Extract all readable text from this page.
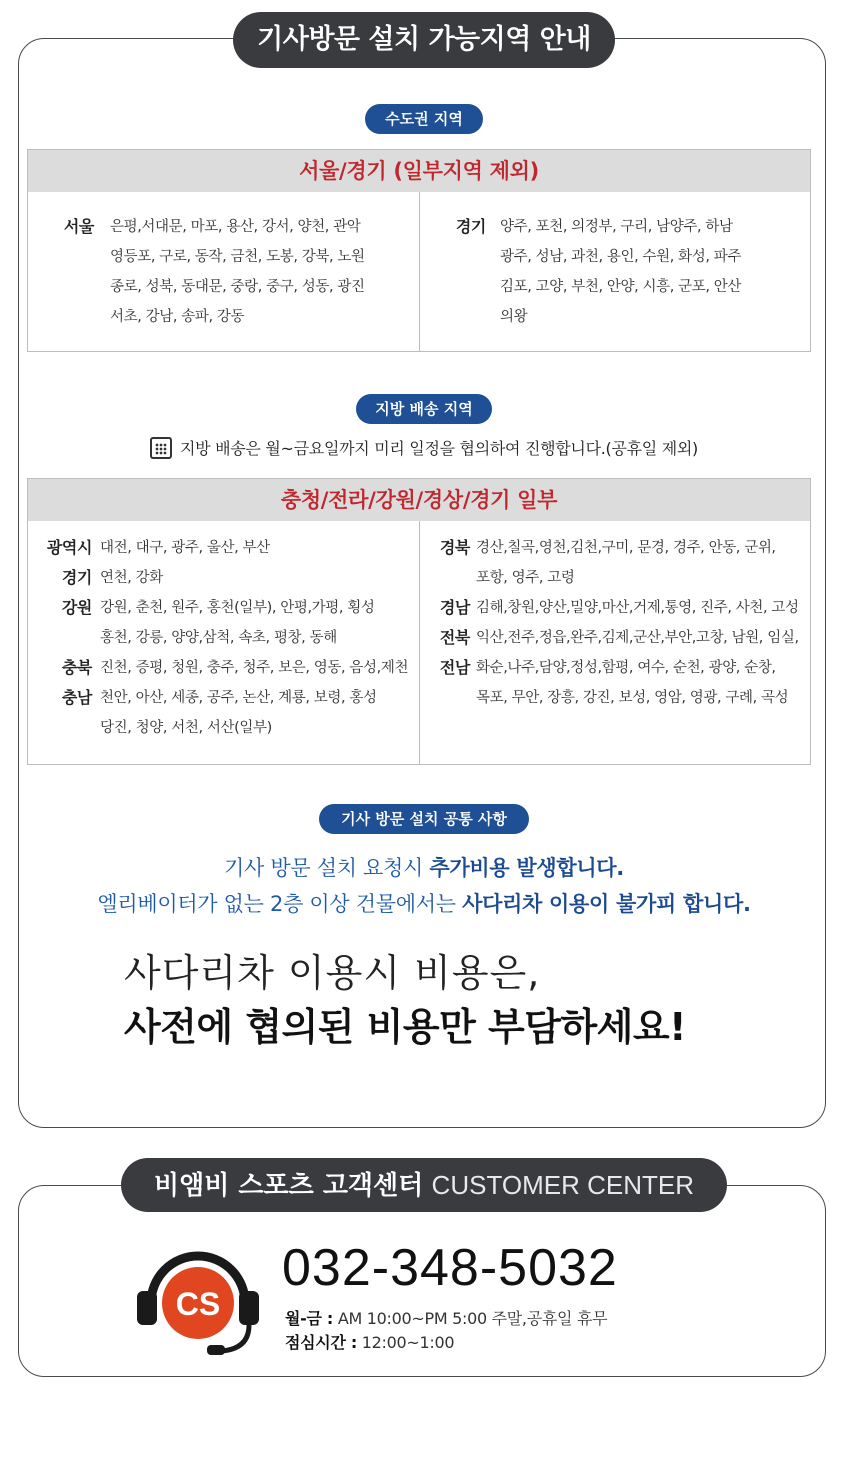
기사방문 설치 가능지역 안내
수도권 지역
서울/경기 (일부지역 제외)
서울 은평,서대문, 마포, 용산, 강서, 양천, 관악
영등포, 구로, 동작, 금천, 도봉, 강북, 노원
종로, 성북, 동대문, 중랑, 중구, 성동, 광진
서초, 강남, 송파, 강동
경기 양주, 포천, 의정부, 구리, 남양주, 하남
광주, 성남, 과천, 용인, 수원, 화성, 파주
김포, 고양, 부천, 안양, 시흥, 군포, 안산
의왕
지방 배송 지역
지방 배송은 월~금요일까지 미리 일정을 협의하여 진행합니다.(공휴일 제외)
충청/전라/강원/경상/경기 일부
광역시 대전, 대구, 광주, 울산, 부산
경기 연천, 강화
강원 강원, 춘천, 원주, 홍천(일부), 안평,가평, 횡성
홍천, 강릉, 양양,삼척, 속초, 평창, 동해
충북 진천, 증평, 청원, 충주, 청주, 보은, 영동, 음성,제천
충남 천안, 아산, 세종, 공주, 논산, 계룡, 보령, 홍성
당진, 청양, 서천, 서산(일부)
경북 경산,칠곡,영천,김천,구미, 문경, 경주, 안동, 군위,
포항, 영주, 고령
경남 김해,창원,양산,밀양,마산,거제,통영, 진주, 사천, 고성
전북 익산,전주,정읍,완주,김제,군산,부안,고창, 남원, 임실,
전남 화순,나주,담양,정성,함평, 여수, 순천, 광양, 순창,
목포, 무안, 장흥, 강진, 보성, 영암, 영광, 구례, 곡성
기사 방문 설치 공통 사항
기사 방문 설치 요청시 추가비용 발생합니다.
엘리베이터가 없는 2층 이상 건물에서는 사다리차 이용이 불가피 합니다.
사다리차 이용시 비용은,
사전에 협의된 비용만 부담하세요!
비앰비 스포츠 고객센터 CUSTOMER CENTER
CS
032-348-5032
월-금 : AM 10:00~PM 5:00 주말,공휴일 휴무
점심시간 : 12:00~1:00
